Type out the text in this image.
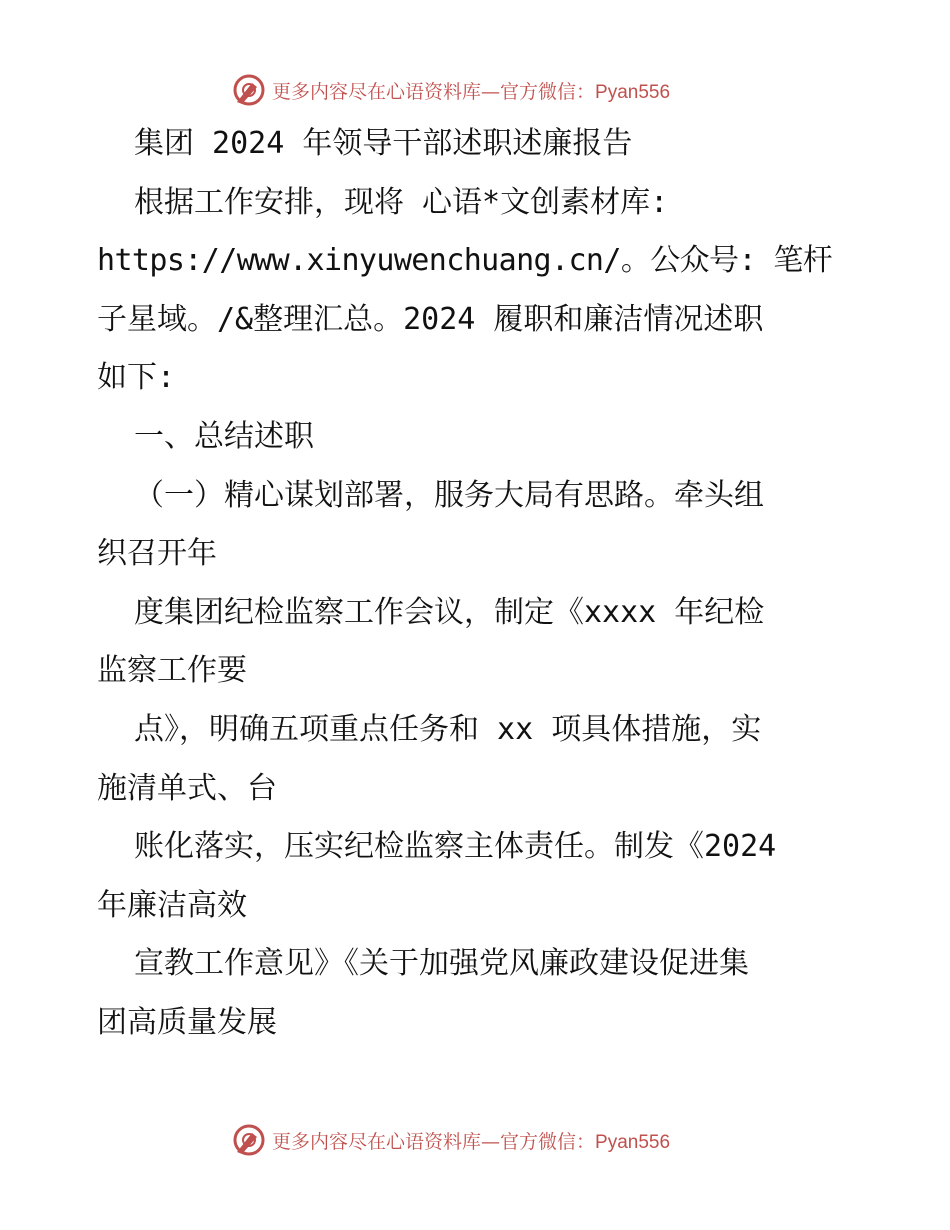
更多内容尽在心语资料库—官方微信：Pyan556
集团 2024 年领导干部述职述廉报告
根据工作安排，现将 心语*文创素材库:
https://www.xinyuwenchuang.cn/。公众号: 笔杆
子星域。/&整理汇总。2024 履职和廉洁情况述职
如下:
一、总结述职
（一）精心谋划部署，服务大局有思路。牵头组
织召开年
度集团纪检监察工作会议，制定《xxxx 年纪检
监察工作要
点》，明确五项重点任务和 xx 项具体措施，实
施清单式、台
账化落实，压实纪检监察主体责任。制发《2024
年廉洁高效
宣教工作意见》《关于加强党风廉政建设促进集
团高质量发展
更多内容尽在心语资料库—官方微信：Pyan556
